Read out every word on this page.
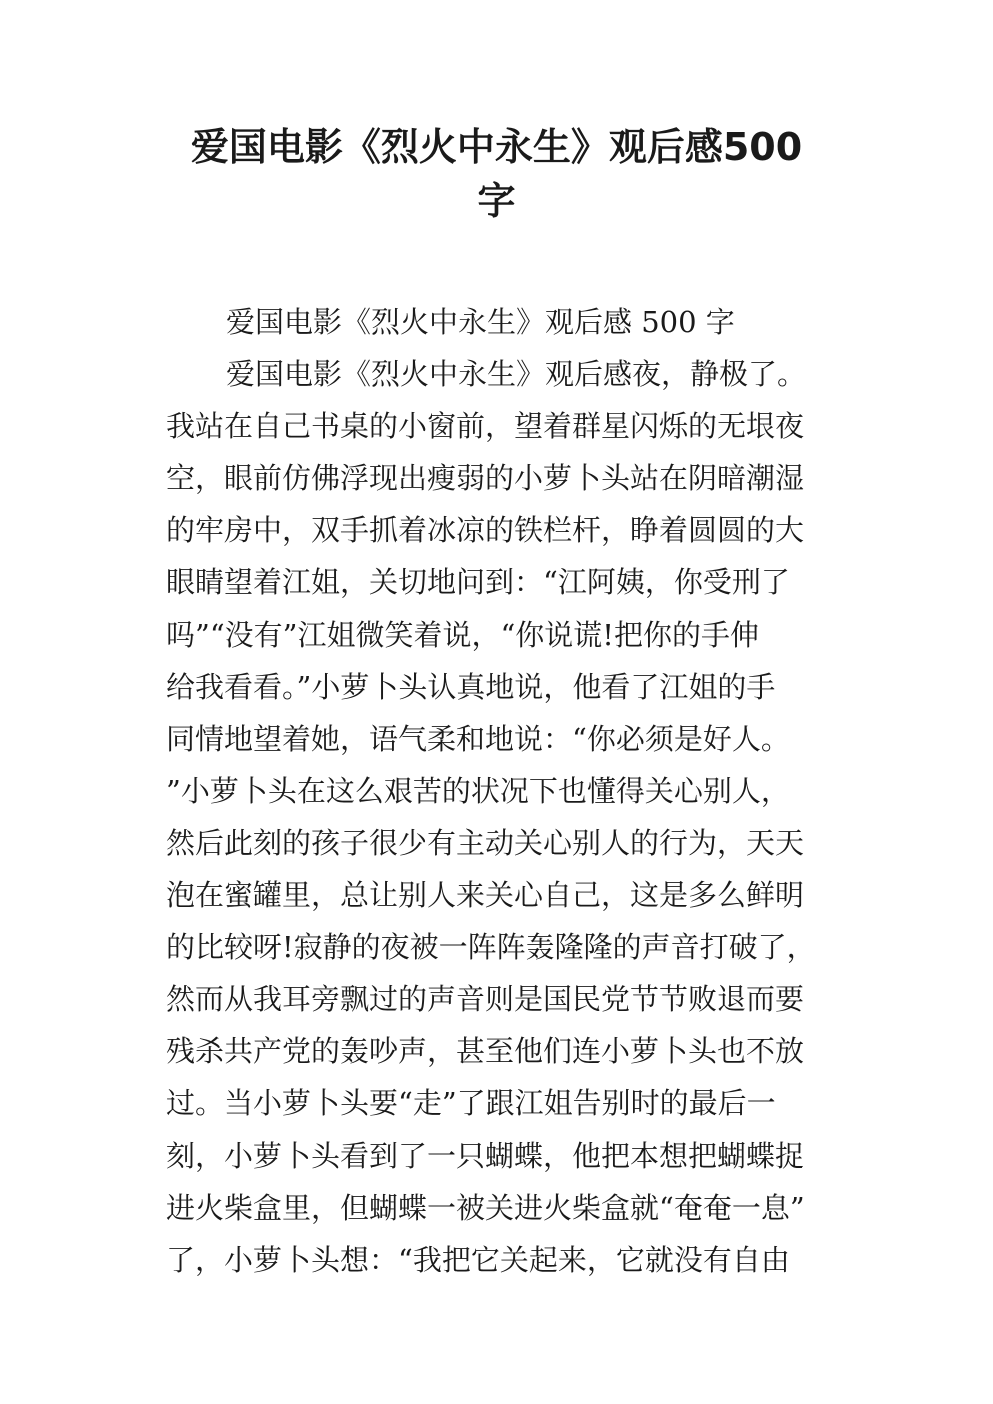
爱国电影《烈火中永生》观后感500
字
爱国电影《烈火中永生》观后感 500 字
爱国电影《烈火中永生》观后感夜，静极了。
我站在自己书桌的小窗前，望着群星闪烁的无垠夜
空，眼前仿佛浮现出瘦弱的小萝卜头站在阴暗潮湿
的牢房中，双手抓着冰凉的铁栏杆，睁着圆圆的大
眼睛望着江姐，关切地问到：“江阿姨，你受刑了
吗”“没有”江姐微笑着说，“你说谎!把你的手伸
给我看看。”小萝卜头认真地说，他看了江姐的手
同情地望着她，语气柔和地说：“你必须是好人。
”小萝卜头在这么艰苦的状况下也懂得关心别人，
然后此刻的孩子很少有主动关心别人的行为，天天
泡在蜜罐里，总让别人来关心自己，这是多么鲜明
的比较呀!寂静的夜被一阵阵轰隆隆的声音打破了，
然而从我耳旁飘过的声音则是国民党节节败退而要
残杀共产党的轰吵声，甚至他们连小萝卜头也不放
过。当小萝卜头要“走”了跟江姐告别时的最后一
刻，小萝卜头看到了一只蝴蝶，他把本想把蝴蝶捉
进火柴盒里，但蝴蝶一被关进火柴盒就“奄奄一息”
了，小萝卜头想：“我把它关起来，它就没有自由
